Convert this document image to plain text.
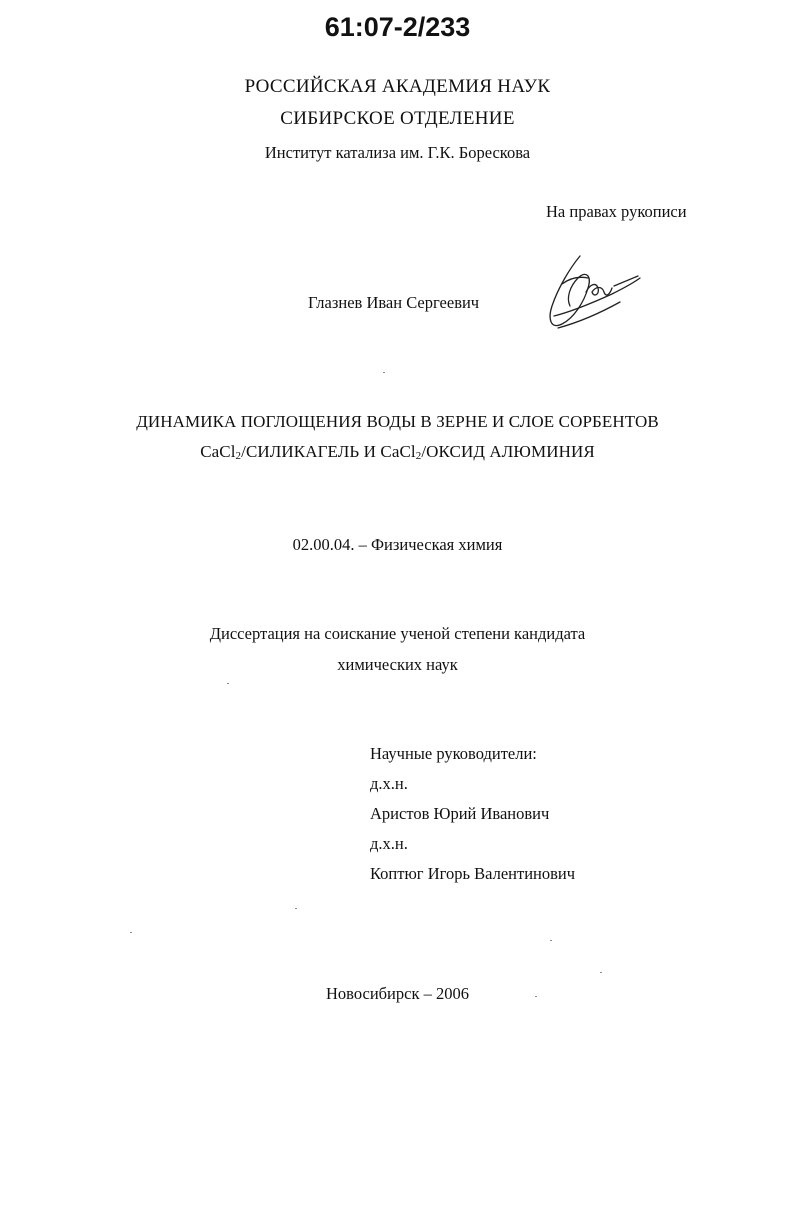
61:07-2/233
РОССИЙСКАЯ АКАДЕМИЯ НАУК
СИБИРСКОЕ ОТДЕЛЕНИЕ
Институт катализа им. Г.К. Борескова
На правах рукописи
Глазнев Иван Сергеевич
ДИНАМИКА ПОГЛОЩЕНИЯ ВОДЫ В ЗЕРНЕ И СЛОЕ СОРБЕНТОВ
CaCl$_2$/СИЛИКАГЕЛЬ И CaCl$_2$/ОКСИД АЛЮМИНИЯ
02.00.04. – Физическая химия
Диссертация на соискание ученой степени кандидата
химических наук
Научные руководители:
д.х.н.
Аристов Юрий Иванович
д.х.н.
Коптюг Игорь Валентинович
Новосибирск – 2006
